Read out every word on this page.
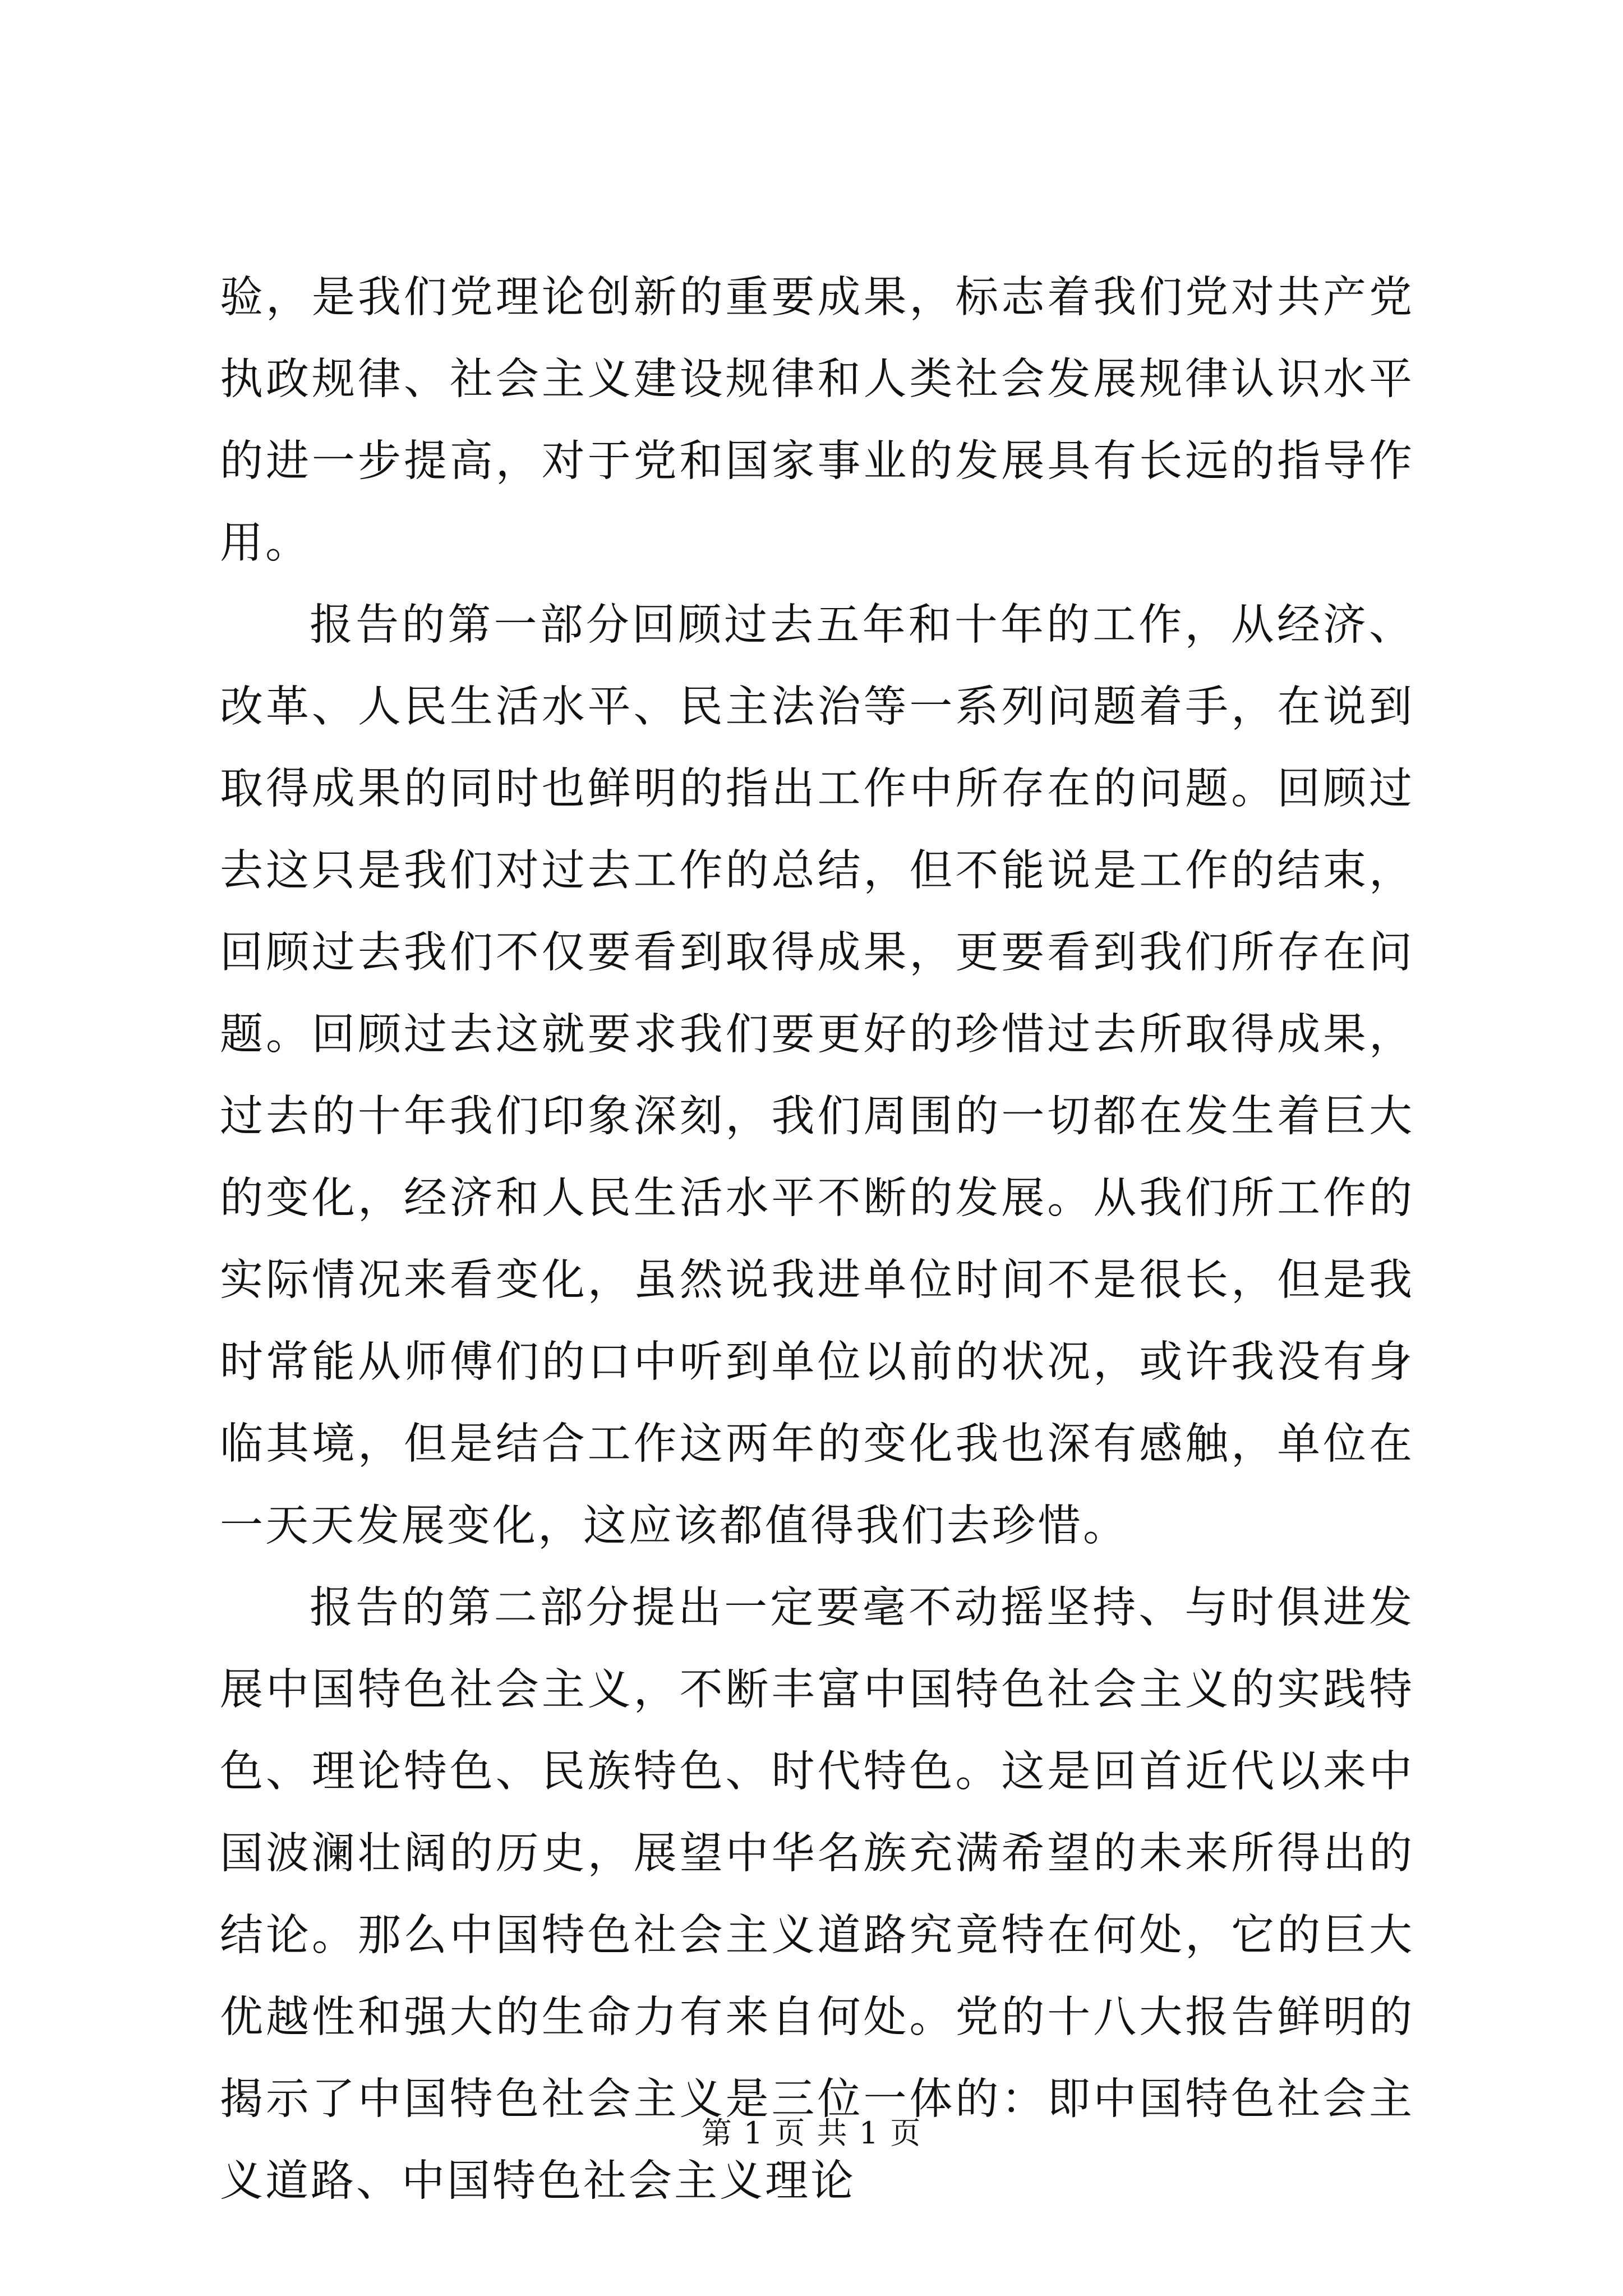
验，是我们党理论创新的重要成果，标志着我们党对共产党执政规律、社会主义建设规律和人类社会发展规律认识水平的进一步提高，对于党和国家事业的发展具有长远的指导作用。

报告的第一部分回顾过去五年和十年的工作，从经济、改革、人民生活水平、民主法治等一系列问题着手，在说到取得成果的同时也鲜明的指出工作中所存在的问题。回顾过去这只是我们对过去工作的总结，但不能说是工作的结束，回顾过去我们不仅要看到取得成果，更要看到我们所存在问题。回顾过去这就要求我们要更好的珍惜过去所取得成果，过去的十年我们印象深刻，我们周围的一切都在发生着巨大的变化，经济和人民生活水平不断的发展。从我们所工作的实际情况来看变化，虽然说我进单位时间不是很长，但是我时常能从师傅们的口中听到单位以前的状况，或许我没有身临其境，但是结合工作这两年的变化我也深有感触，单位在一天天发展变化，这应该都值得我们去珍惜。

报告的第二部分提出一定要毫不动摇坚持、与时俱进发展中国特色社会主义，不断丰富中国特色社会主义的实践特色、理论特色、民族特色、时代特色。这是回首近代以来中国波澜壮阔的历史，展望中华名族充满希望的未来所得出的结论。那么中国特色社会主义道路究竟特在何处，它的巨大优越性和强大的生命力有来自何处。党的十八大报告鲜明的揭示了中国特色社会主义是三位一体的：即中国特色社会主义道路、中国特色社会主义理论

第 1 页 共 1 页
